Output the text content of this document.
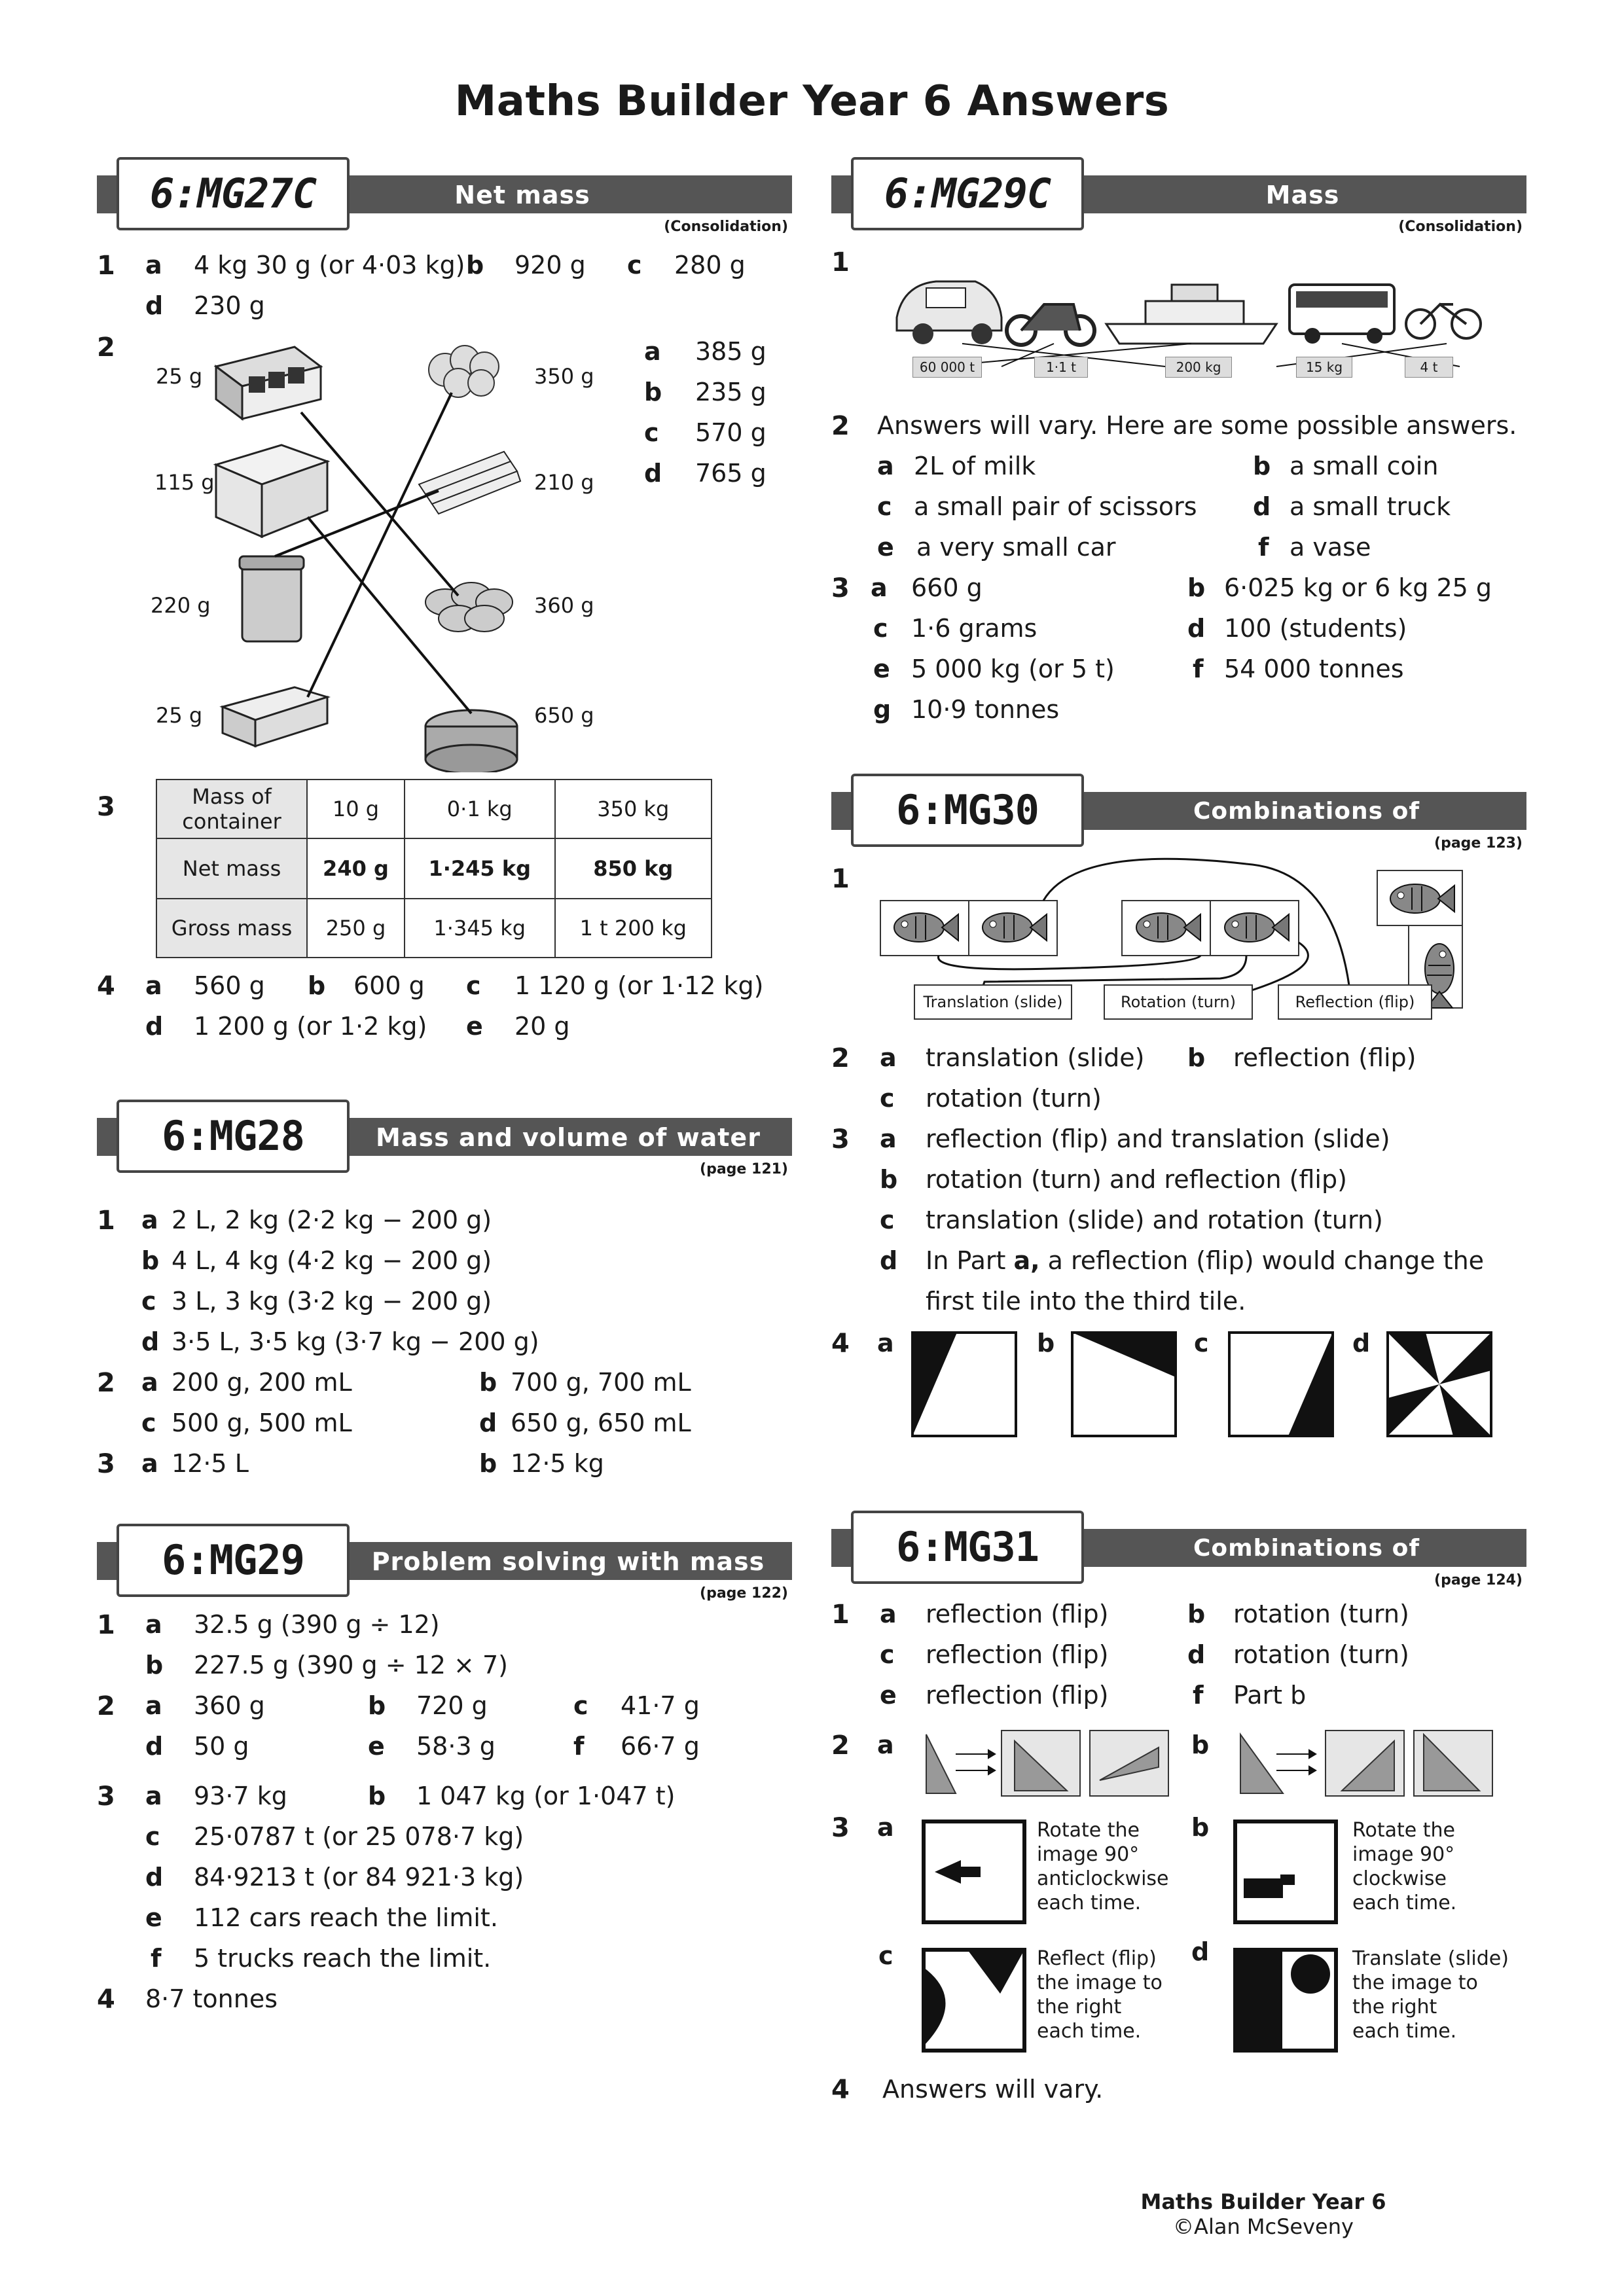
Maths Builder Year 6 Answers
6:MG27C	Net mass
(Consolidation)
1 a 4 kg 30 g (or 4·03 kg) b 920 g c 280 g
d 230 g
2
25 g
115 g
220 g
25 g
350 g
210 g
360 g
650 g
a 385 g
b 235 g
c 570 g
d 765 g
3	Mass of container	10 g	0·1 kg	350 kg
Net mass	240 g	1·245 kg	850 kg
Gross mass	250 g	1·345 kg	1 t 200 kg
4 a 560 g b 600 g c 1 120 g (or 1·12 kg)
d 1 200 g (or 1·2 kg) e 20 g
6:MG28	Mass and volume of water
(page 121)
1 a 2 L, 2 kg (2·2 kg − 200 g)
b 4 L, 4 kg (4·2 kg − 200 g)
c 3 L, 3 kg (3·2 kg − 200 g)
d 3·5 L, 3·5 kg (3·7 kg − 200 g)
2 a 200 g, 200 mL	b 700 g, 700 mL
c 500 g, 500 mL	d 650 g, 650 mL
3 a 12·5 L	b 12·5 kg
6:MG29	Problem solving with mass
(page 122)
1 a 32.5 g (390 g ÷ 12)
b 227.5 g (390 g ÷ 12 × 7)
2 a 360 g	b 720 g	c 41·7 g
d 50 g	e 58·3 g	f 66·7 g
3 a 93·7 kg	b 1 047 kg (or 1·047 t)
c 25·0787 t (or 25 078·7 kg)
d 84·9213 t (or 84 921·3 kg)
e 112 cars reach the limit.
f 5 trucks reach the limit.
4 8·7 tonnes
6:MG29C	Mass
(Consolidation)
1
60 000 t	1·1 t	200 kg	15 kg	4 t
2 Answers will vary. Here are some possible answers.
a 2L of milk	b a small coin
c a small pair of scissors d a small truck
e a very small car	f a vase
3 a 660 g	b 6·025 kg or 6 kg 25 g
c 1·6 grams	d 100 (students)
e 5 000 kg (or 5 t)	f 54 000 tonnes
g 10·9 tonnes
6:MG30	Combinations of transformations	(page 123)
1
Translation (slide)	Rotation (turn)	Reflection (flip)
2 a translation (slide) b reflection (flip)
c rotation (turn)
3 a reflection (flip) and translation (slide)
b rotation (turn) and reflection (flip)
c translation (slide) and rotation (turn)
d In Part a, a reflection (flip) would change the
first tile into the third tile.
4 a	b	c	d
6:MG31	Combinations of transformations	(page 124)
1 a reflection (flip)	b rotation (turn)
c reflection (flip)	d rotation (turn)
e reflection (flip)	f Part b
2 a	b
3 a	Rotate the
image 90°
anticlockwise
each time.
b	Rotate the
image 90°
clockwise
each time.
c	Reflect (flip)
the image to
the right
each time.
d	Translate (slide)
the image to
the right
each time.
4 Answers will vary.
Maths Builder Year 6
©Alan McSeveny
